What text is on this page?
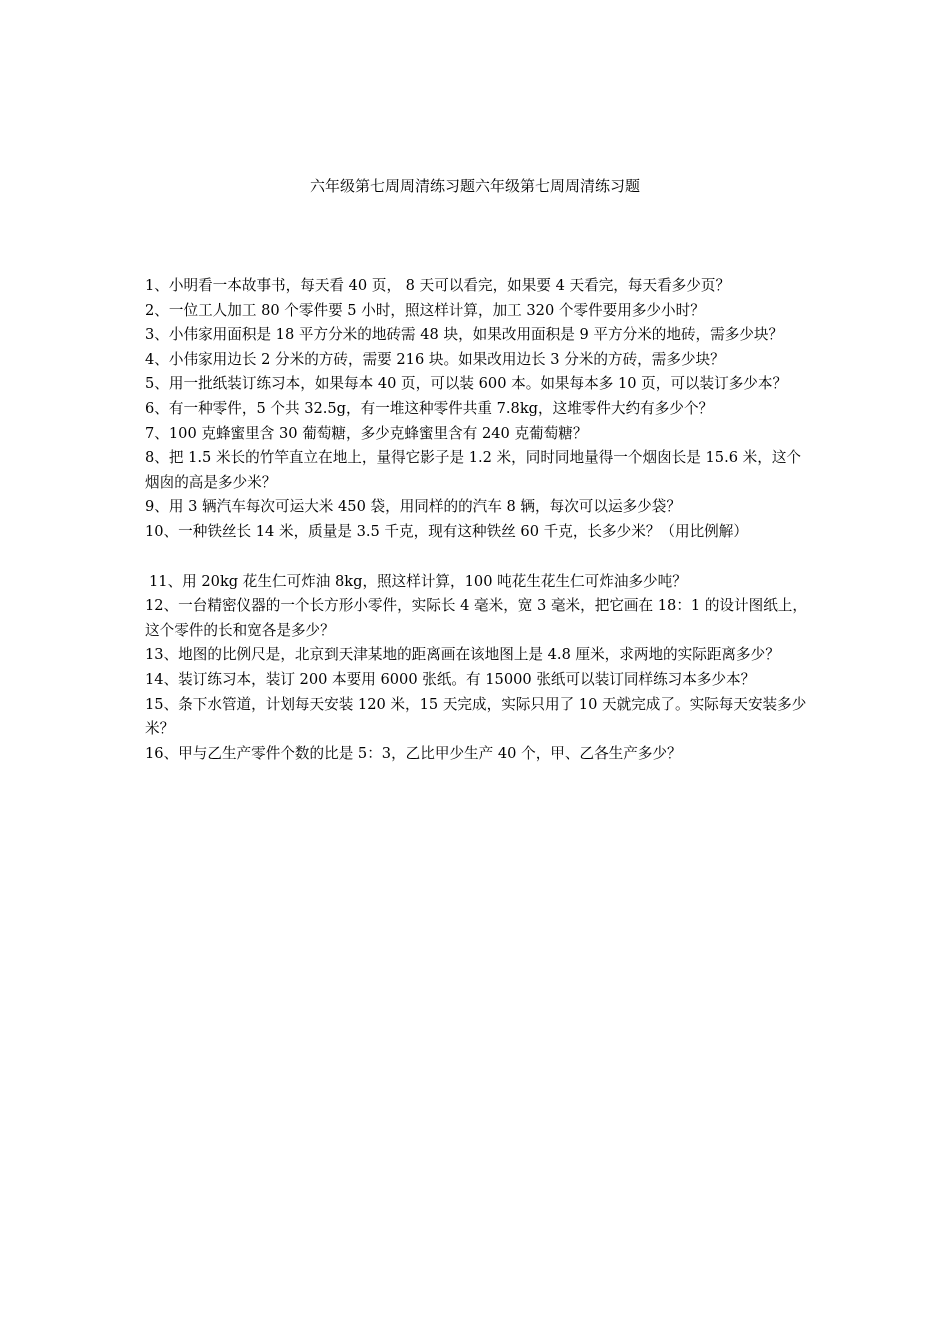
六年级第七周周清练习题六年级第七周周清练习题

1、小明看一本故事书，每天看 40 页， 8 天可以看完，如果要 4 天看完，每天看多少页？

2、一位工人加工 80 个零件要 5 小时，照这样计算，加工 320 个零件要用多少小时？

3、小伟家用面积是 18 平方分米的地砖需 48 块，如果改用面积是 9 平方分米的地砖，需多少块？

4、小伟家用边长 2 分米的方砖，需要 216 块。如果改用边长 3 分米的方砖，需多少块？

5、用一批纸装订练习本，如果每本 40 页，可以装 600 本。如果每本多 10 页，可以装订多少本？

6、有一种零件，5 个共 32.5g，有一堆这种零件共重 7.8kg，这堆零件大约有多少个？

7、100 克蜂蜜里含 30 葡萄糖，多少克蜂蜜里含有 240 克葡萄糖？

8、把 1.5 米长的竹竿直立在地上，量得它影子是 1.2 米，同时同地量得一个烟囱长是 15.6 米，这个烟囱的高是多少米？

9、用 3 辆汽车每次可运大米 450 袋，用同样的的汽车 8 辆，每次可以运多少袋？

10、一种铁丝长 14 米，质量是 3.5 千克，现有这种铁丝 60 千克，长多少米？（用比例解）

11、用 20kg 花生仁可炸油 8kg，照这样计算，100 吨花生花生仁可炸油多少吨？

12、一台精密仪器的一个长方形小零件，实际长 4 毫米，宽 3 毫米，把它画在 18：1 的设计图纸上，这个零件的长和宽各是多少？

13、地图的比例尺是，北京到天津某地的距离画在该地图上是 4.8 厘米，求两地的实际距离多少？

14、装订练习本，装订 200 本要用 6000 张纸。有 15000 张纸可以装订同样练习本多少本？

15、条下水管道，计划每天安装 120 米，15 天完成，实际只用了 10 天就完成了。实际每天安装多少米？

16、甲与乙生产零件个数的比是 5：3，乙比甲少生产 40 个，甲、乙各生产多少？
